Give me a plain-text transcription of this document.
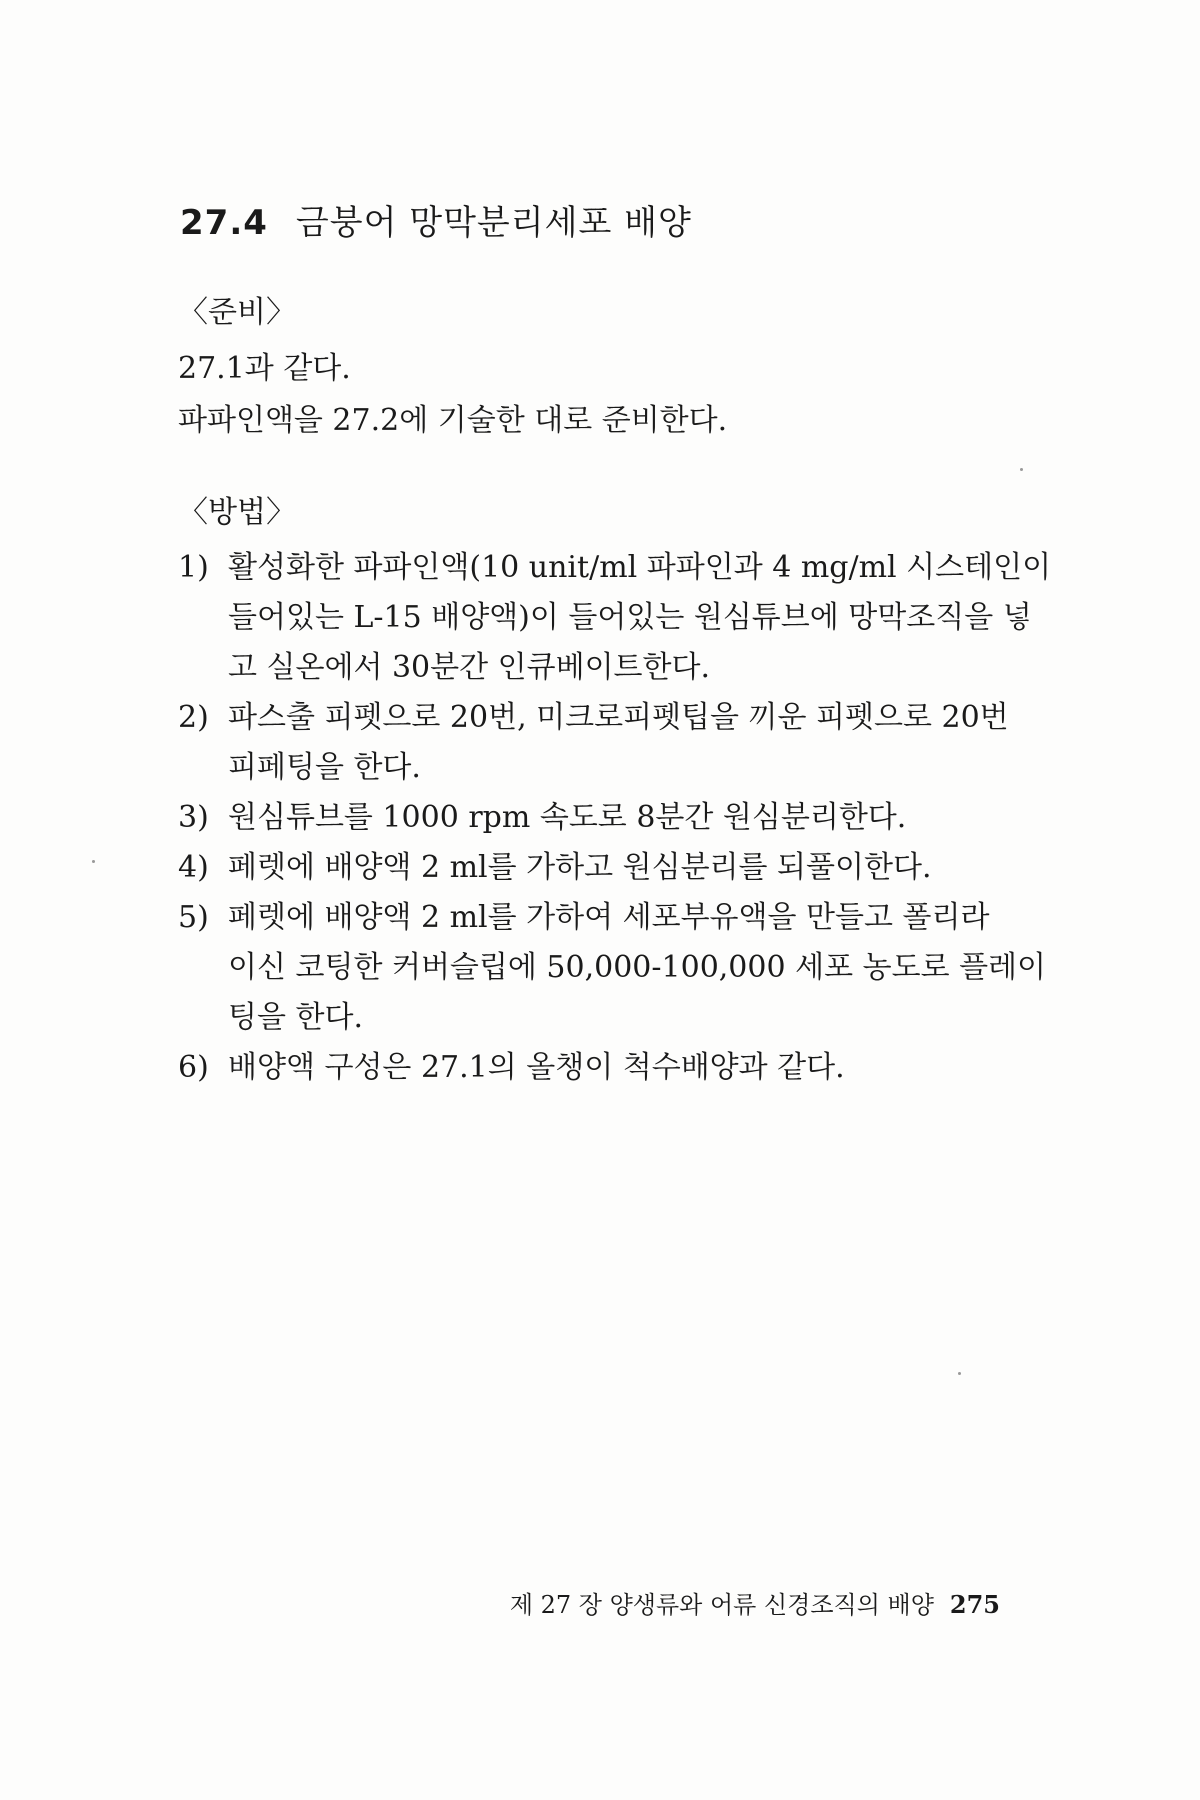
27.4 금붕어 망막분리세포 배양
〈준비〉
27.1과 같다.
파파인액을 27.2에 기술한 대로 준비한다.
〈방법〉
1) 활성화한 파파인액(10 unit/ml 파파인과 4 mg/ml 시스테인이
들어있는 L-15 배양액)이 들어있는 원심튜브에 망막조직을 넣
고 실온에서 30분간 인큐베이트한다.
2) 파스출 피펫으로 20번, 미크로피펫팁을 끼운 피펫으로 20번
피페팅을 한다.
3) 원심튜브를 1000 rpm 속도로 8분간 원심분리한다.
4) 페렛에 배양액 2 ml를 가하고 원심분리를 되풀이한다.
5) 페렛에 배양액 2 ml를 가하여 세포부유액을 만들고 폴리라
이신 코팅한 커버슬립에 50,000-100,000 세포 농도로 플레이
팅을 한다.
6) 배양액 구성은 27.1의 올챙이 척수배양과 같다.
제 27 장 양생류와 어류 신경조직의 배양 275
